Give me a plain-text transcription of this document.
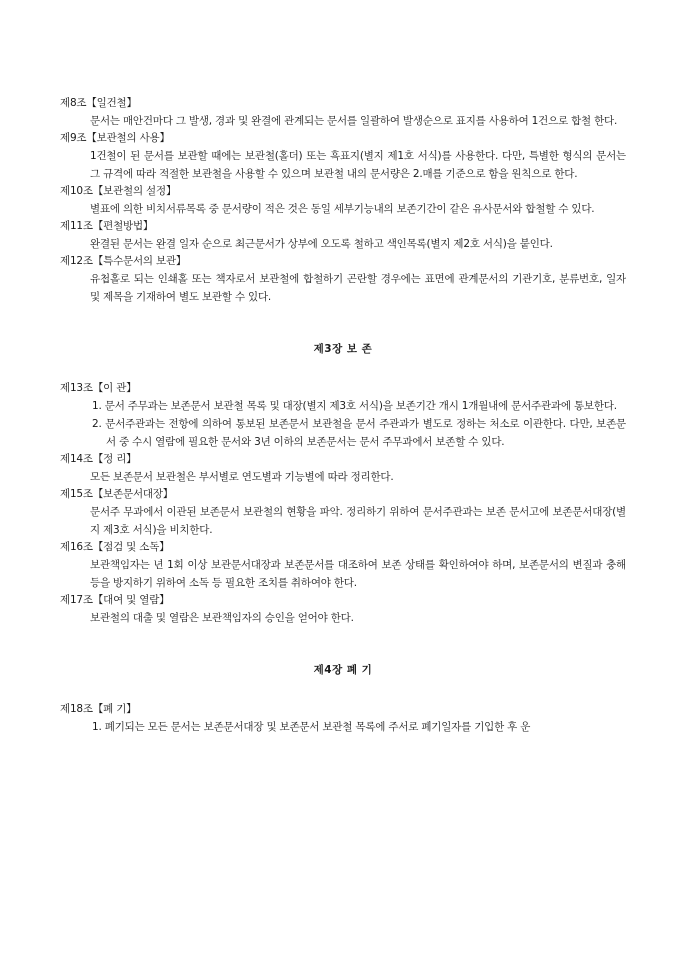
제8조【일건철】
문서는 매안건마다 그 발생, 경과 및 완결에 관계되는 문서를 일괄하여 발생순으로 표지를 사용하여 1건으로 합철 한다.
제9조【보관철의 사용】
1건철이 된 문서를 보관할 때에는 보관철(홀더) 또는 흑표지(별지 제1호 서식)를 사용한다. 다만, 특별한 형식의 문서는 그 규격에 따라 적절한 보관철을 사용할 수 있으며 보관철 내의 문서량은 2.매를 기준으로 함을 원칙으로 한다.
제10조【보관철의 설정】
별표에 의한 비치서류목록 중 문서량이 적은 것은 동일 세부기능내의 보존기간이 같은 유사문서와 합철할 수 있다.
제11조【편철방법】
완결된 문서는 완결 일자 순으로 최근문서가 상부에 오도록 철하고 색인목록(별지 제2호 서식)을 붙인다.
제12조【특수문서의 보관】
유첩홀로 되는 인쇄홀 또는 책자로서 보관철에 합철하기 곤란할 경우에는 표면에 관계문서의 기관기호, 분류번호, 일자 및 제목을 기재하여 별도 보관할 수 있다.
제3장 보 존
제13조【이 관】
1. 문서 주무과는 보존문서 보관철 목록 및 대장(별지 제3호 서식)을 보존기간 개시 1개월내에 문서주관과에 통보한다.
2. 문서주관과는 전항에 의하여 통보된 보존문서 보관철을 문서 주관과가 별도로 정하는 처소로 이관한다. 다만, 보존문서 중 수시 열람에 필요한 문서와 3년 이하의 보존문서는 문서 주무과에서 보존할 수 있다.
제14조【정 리】
모든 보존문서 보관철은 부서별로 연도별과 기능별에 따라 정리한다.
제15조【보존문서대장】
문서주 무과에서 이관된 보존문서 보관철의 현황을 파악. 정리하기 위하여 문서주관과는 보존 문서고에 보존문서대장(별 지 제3호 서식)을 비치한다.
제16조【점검 및 소독】
보관책임자는 년 1회 이상 보관문서대장과 보존문서를 대조하여 보존 상태를 확인하여야 하며, 보존문서의 변질과 충해 등을 방지하기 위하여 소독 등 필요한 조치를 취하여야 한다.
제17조【대여 및 열람】
보관철의 대출 및 열람은 보관책임자의 승인을 얻어야 한다.
제4장 폐 기
제18조【폐 기】
1. 폐기되는 모든 문서는 보존문서대장 및 보존문서 보관철 목록에 주서로 폐기일자를 기입한 후 운
